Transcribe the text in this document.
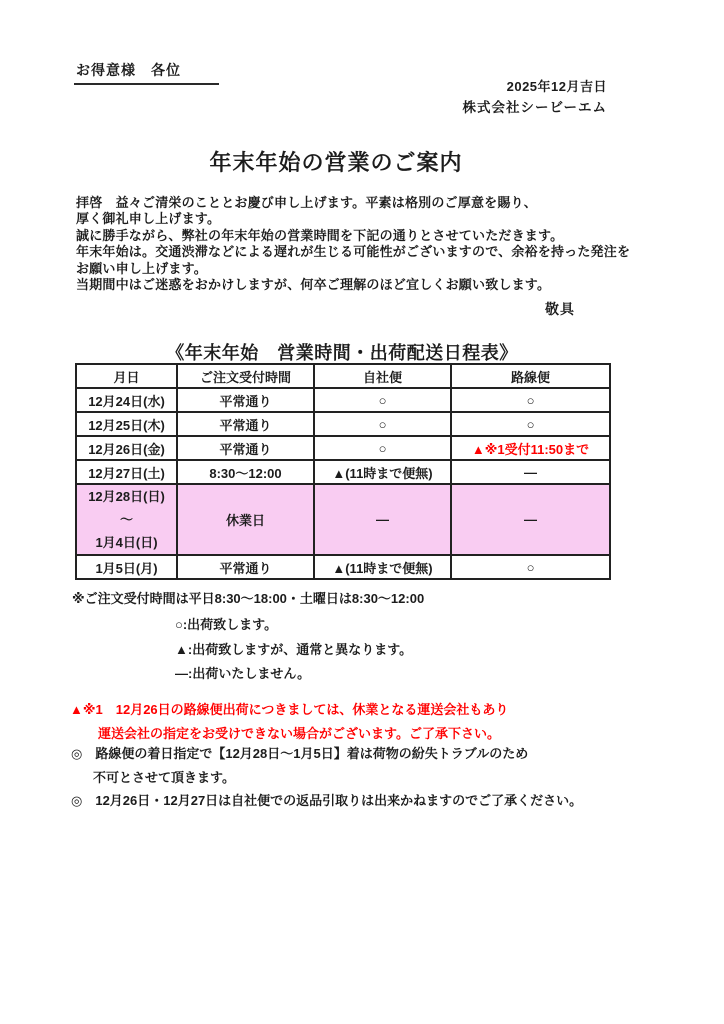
お得意様　各位
2025年12月吉日
株式会社シービーエム
年末年始の営業のご案内
拝啓　益々ご清栄のこととお慶び申し上げます。平素は格別のご厚意を賜り、
厚く御礼申し上げます。
誠に勝手ながら、弊社の年末年始の営業時間を下記の通りとさせていただきます。
年末年始は。交通渋滞などによる遅れが生じる可能性がございますので、余裕を持った発注を
お願い申し上げます。
当期間中はご迷惑をおかけしますが、何卒ご理解のほど宜しくお願い致します。
敬具
《年末年始　営業時間・出荷配送日程表》
月日	ご注文受付時間	自社便	路線便
12月24日(水)	平常通り	○	○
12月25日(木)	平常通り	○	○
12月26日(金)	平常通り	○	▲※1受付11:50まで
12月27日(土)	8:30～12:00	▲(11時まで便無)	—

12月28日(日)
～
1月4日(日)	休業日	—	—
1月5日(月)	平常通り	▲(11時まで便無)	○
※ご注文受付時間は平日8:30～18:00・土曜日は8:30～12:00
○:出荷致します。
▲:出荷致しますが、通常と異なります。
—:出荷いたしません。
▲※1　12月26日の路線便出荷につきましては、休業となる運送会社もあり
運送会社の指定をお受けできない場合がございます。ご了承下さい。
◎　路線便の着日指定で【12月28日～1月5日】着は荷物の紛失トラブルのため
不可とさせて頂きます。
◎　12月26日・12月27日は自社便での返品引取りは出来かねますのでご了承ください。
